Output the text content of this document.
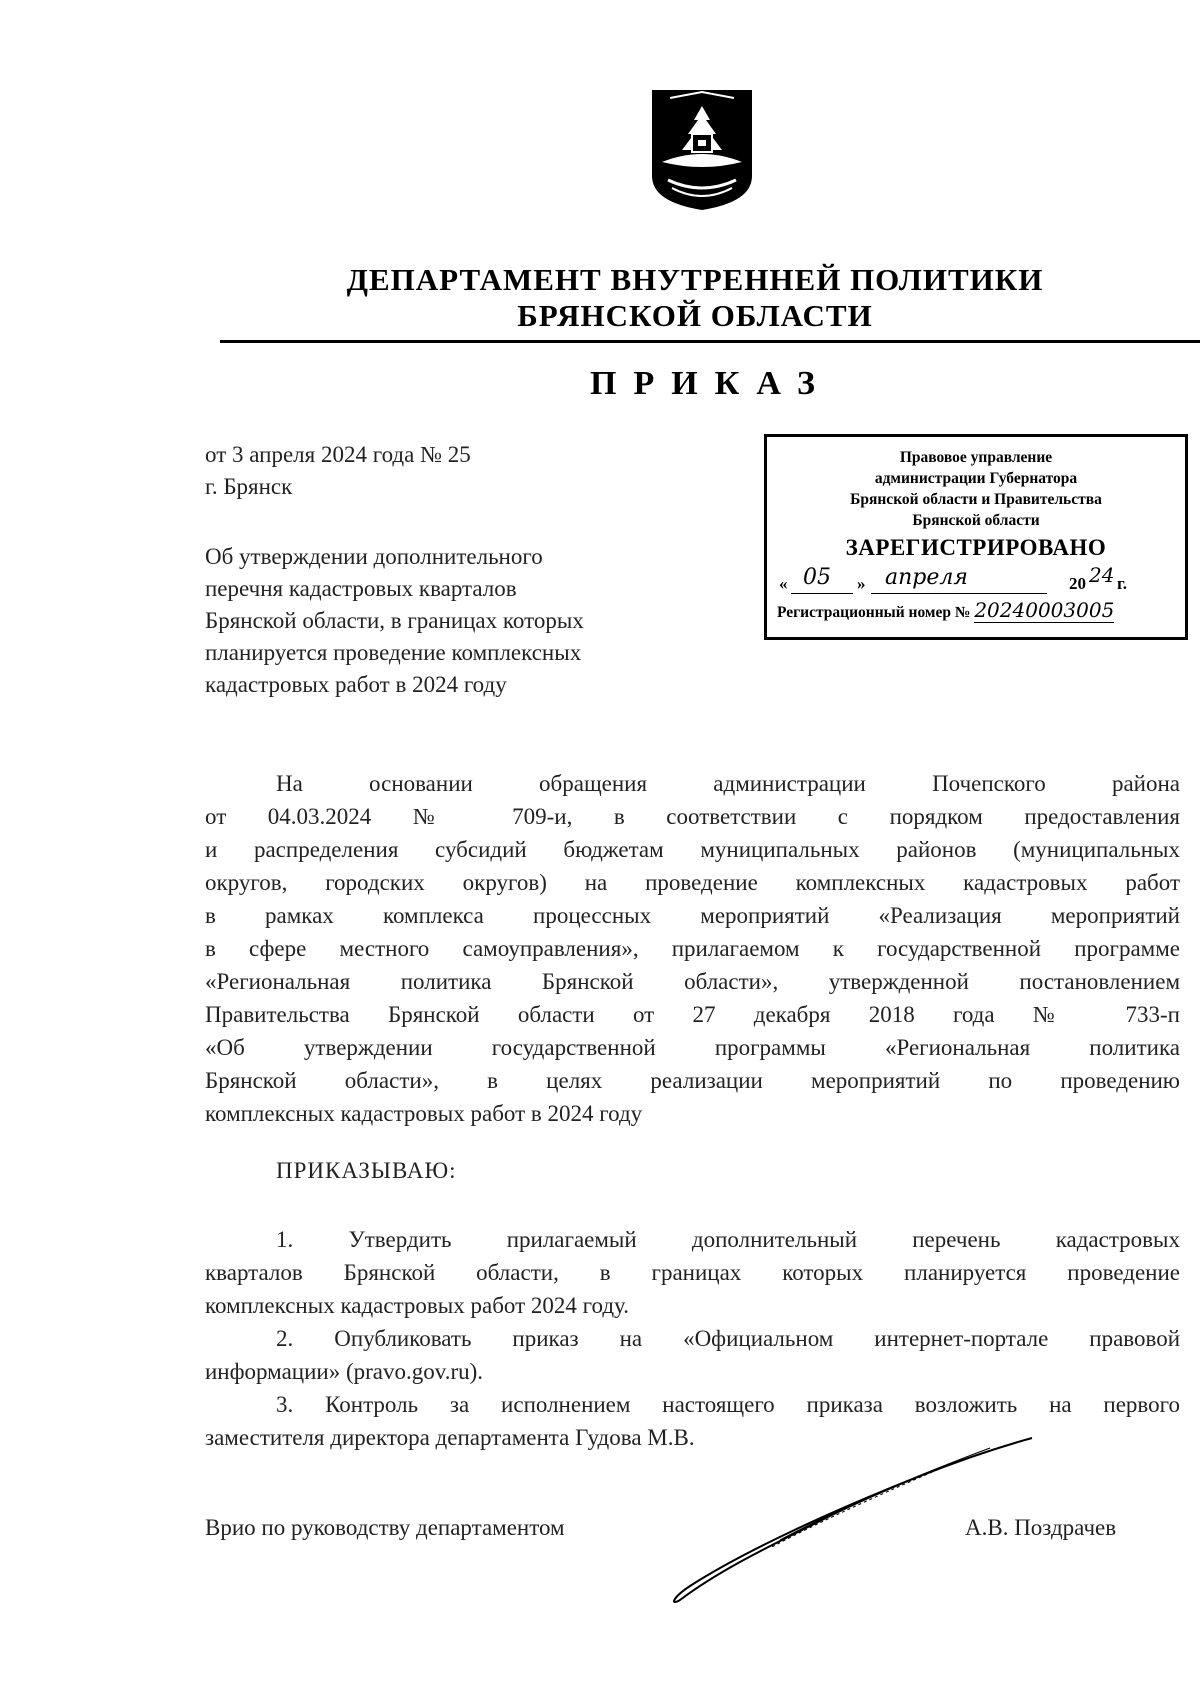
ДЕПАРТАМЕНТ ВНУТРЕННЕЙ ПОЛИТИКИ
БРЯНСКОЙ ОБЛАСТИ
ПРИКАЗ
от 3 апреля 2024 года № 25
г. Брянск
Об утверждении дополнительного
перечня кадастровых кварталов
Брянской области, в границах которых
планируется проведение комплексных
кадастровых работ в 2024 году
Правовое управление
администрации Губернатора
Брянской области и Правительства
Брянской области
ЗАРЕГИСТРИРОВАНО
« 05 » апреля	20 24 г.
Регистрационный номер № 20240003005
На основании обращения администрации Почепского района
от 04.03.2024 № 709-и, в соответствии с порядком предоставления
и распределения субсидий бюджетам муниципальных районов (муниципальных
округов, городских округов) на проведение комплексных кадастровых работ
в рамках комплекса процессных мероприятий «Реализация мероприятий
в сфере местного самоуправления», прилагаемом к государственной программе
«Региональная политика Брянской области», утвержденной постановлением
Правительства Брянской области от 27 декабря 2018 года № 733-п
«Об утверждении государственной программы «Региональная политика
Брянской области», в целях реализации мероприятий по проведению
комплексных кадастровых работ в 2024 году
ПРИКАЗЫВАЮ:
1. Утвердить прилагаемый дополнительный перечень кадастровых
кварталов Брянской области, в границах которых планируется проведение
комплексных кадастровых работ 2024 году.
2. Опубликовать приказ на «Официальном интернет-портале правовой
информации» (pravo.gov.ru).
3. Контроль за исполнением настоящего приказа возложить на первого
заместителя директора департамента Гудова М.В.
Врио по руководству департаментом	А.В. Поздрачев
